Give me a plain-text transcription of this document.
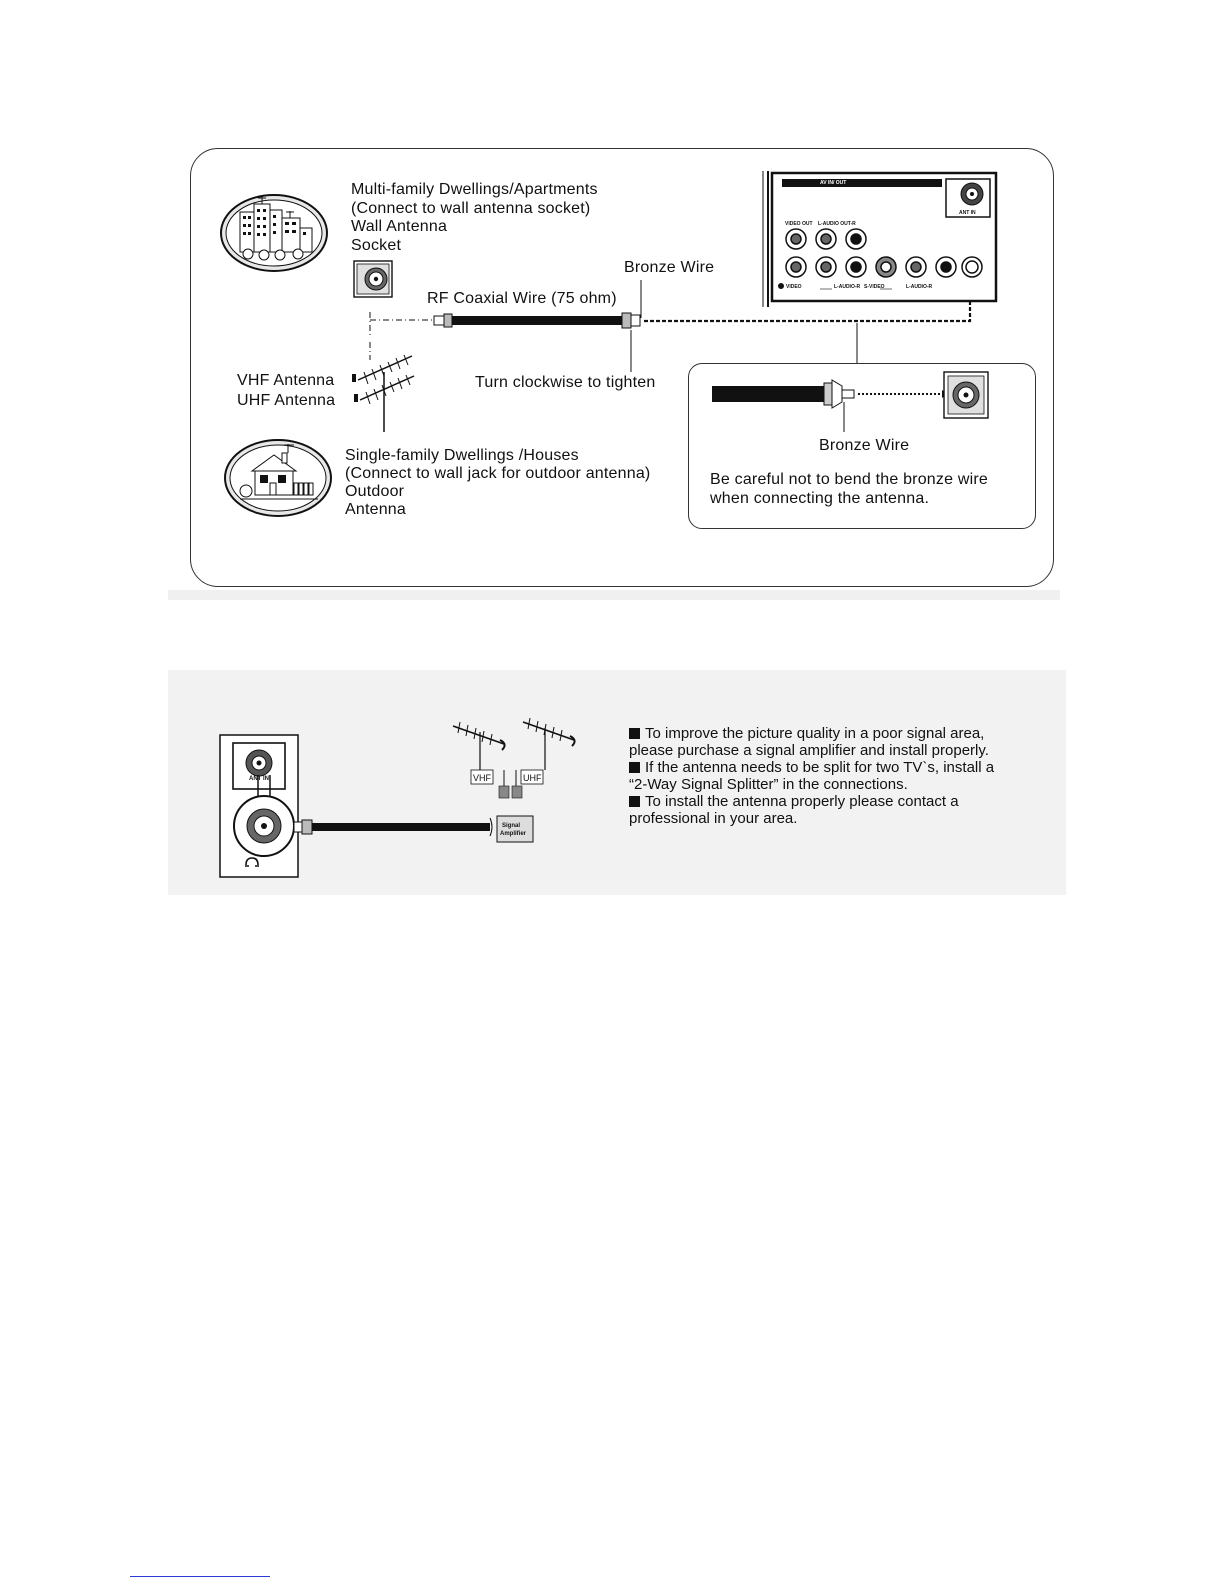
Multi-family Dwellings/Apartments
(Connect to wall antenna socket)
Wall Antenna
Socket
RF Coaxial Wire (75 ohm)
Bronze Wire
Turn clockwise to tighten
VHF Antenna
UHF Antenna
Single-family Dwellings /Houses
(Connect to wall jack for outdoor antenna)
Outdoor
Antenna
AV IN/ OUT
ANT IN
VIDEO OUT L-AUDIO OUT-R
VIDEO	L-AUDIO-R S-VIDEO	L-AUDIO-R
Bronze Wire
Be careful not to bend the bronze wire
when connecting the antenna.
ANT IN	VHF	UHF
Signal
Amplifier
To improve the picture quality in a poor signal area,
please purchase a signal amplifier and install properly.
If the antenna needs to be split for two TV`s, install a
“2-Way Signal Splitter” in the connections.
To install the antenna properly please contact a
professional in your area.
